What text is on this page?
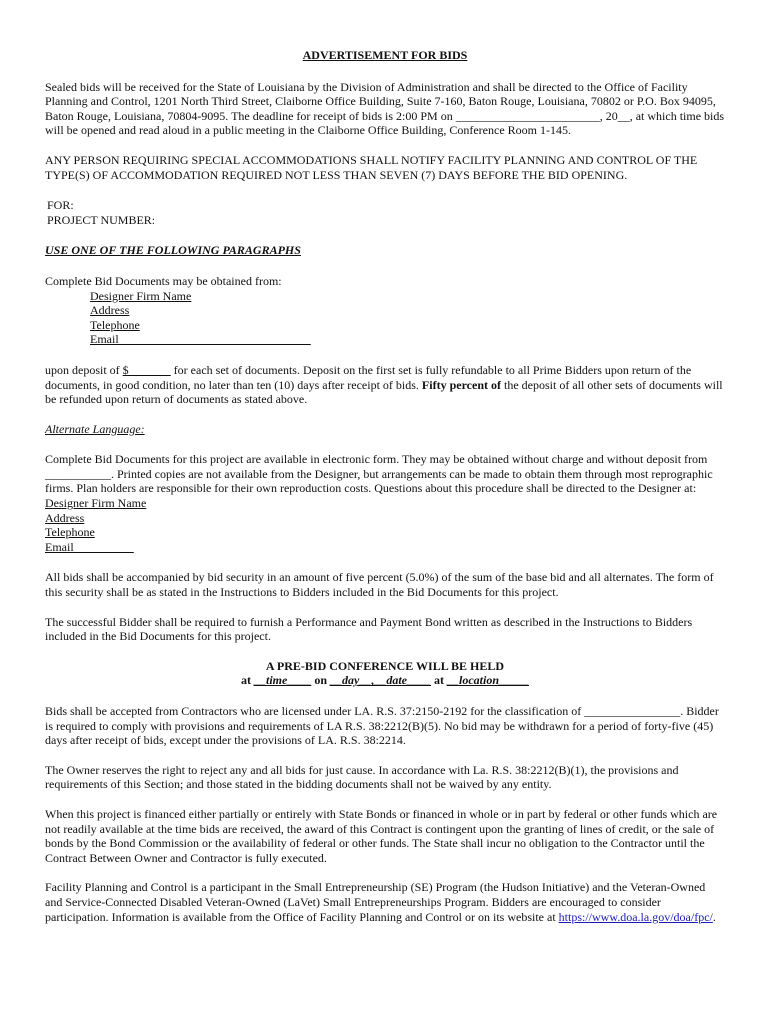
ADVERTISEMENT FOR BIDS

Sealed bids will be received for the State of Louisiana by the Division of Administration and shall be directed to the Office of Facility Planning and Control, 1201 North Third Street, Claiborne Office Building, Suite 7-160, Baton Rouge, Louisiana, 70802 or P.O. Box 94095, Baton Rouge, Louisiana, 70804-9095. The deadline for receipt of bids is 2:00 PM on ________________________, 20__, at which time bids will be opened and read aloud in a public meeting in the Claiborne Office Building, Conference Room 1-145.

ANY PERSON REQUIRING SPECIAL ACCOMMODATIONS SHALL NOTIFY FACILITY PLANNING AND CONTROL OF THE TYPE(S) OF ACCOMMODATION REQUIRED NOT LESS THAN SEVEN (7) DAYS BEFORE THE BID OPENING.

FOR:

PROJECT NUMBER:

USE ONE OF THE FOLLOWING PARAGRAPHS

Complete Bid Documents may be obtained from:

Designer Firm Name

Address

Telephone

Email________________________________

upon deposit of $_______ for each set of documents. Deposit on the first set is fully refundable to all Prime Bidders upon return of the documents, in good condition, no later than ten (10) days after receipt of bids. Fifty percent of the deposit of all other sets of documents will be refunded upon return of documents as stated above.

Alternate Language:

Complete Bid Documents for this project are available in electronic form. They may be obtained without charge and without deposit from ___________. Printed copies are not available from the Designer, but arrangements can be made to obtain them through most reprographic firms. Plan holders are responsible for their own reproduction costs. Questions about this procedure shall be directed to the Designer at:

Designer Firm Name

Address

Telephone

Email__________

All bids shall be accompanied by bid security in an amount of five percent (5.0%) of the sum of the base bid and all alternates. The form of this security shall be as stated in the Instructions to Bidders included in the Bid Documents for this project.

The successful Bidder shall be required to furnish a Performance and Payment Bond written as described in the Instructions to Bidders included in the Bid Documents for this project.

A PRE-BID CONFERENCE WILL BE HELD

at __time____ on __day__,__date____ at __location_____

Bids shall be accepted from Contractors who are licensed under LA. R.S. 37:2150-2192 for the classification of ________________. Bidder is required to comply with provisions and requirements of LA R.S. 38:2212(B)(5). No bid may be withdrawn for a period of forty-five (45) days after receipt of bids, except under the provisions of LA. R.S. 38:2214.

The Owner reserves the right to reject any and all bids for just cause. In accordance with La. R.S. 38:2212(B)(1), the provisions and requirements of this Section; and those stated in the bidding documents shall not be waived by any entity.

When this project is financed either partially or entirely with State Bonds or financed in whole or in part by federal or other funds which are not readily available at the time bids are received, the award of this Contract is contingent upon the granting of lines of credit, or the sale of bonds by the Bond Commission or the availability of federal or other funds. The State shall incur no obligation to the Contractor until the Contract Between Owner and Contractor is fully executed.

Facility Planning and Control is a participant in the Small Entrepreneurship (SE) Program (the Hudson Initiative) and the Veteran-Owned and Service-Connected Disabled Veteran-Owned (LaVet) Small Entrepreneurships Program. Bidders are encouraged to consider participation. Information is available from the Office of Facility Planning and Control or on its website at https://www.doa.la.gov/doa/fpc/.
